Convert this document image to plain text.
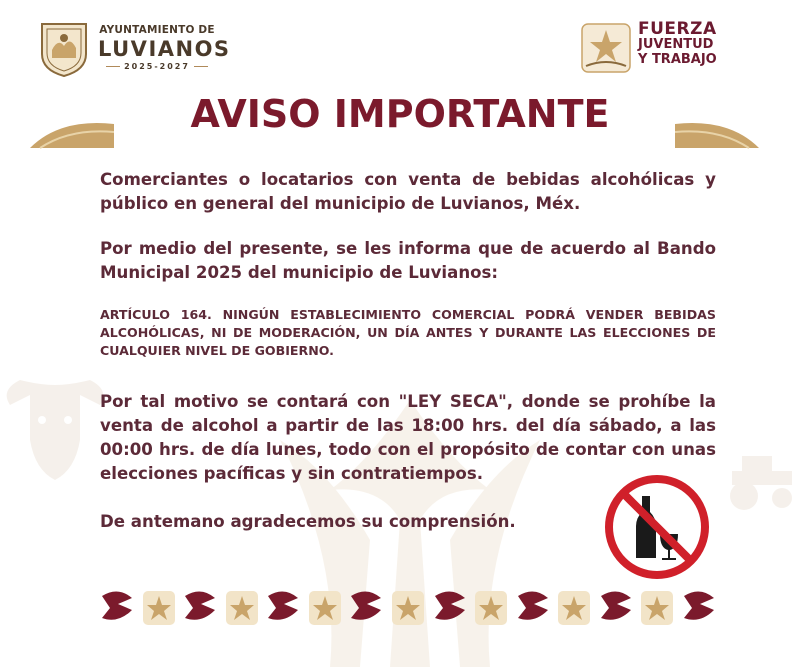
AYUNTAMIENTO DE
LUVIANOS
2025-2027
FUERZA
JUVENTUD
Y TRABAJO
AVISO IMPORTANTE

Comerciantes o locatarios con venta de bebidas alcohólicas y público en general del municipio de Luvianos, Méx.

Por medio del presente, se les informa que de acuerdo al Bando Municipal 2025 del municipio de Luvianos:

ARTÍCULO 164. NINGÚN ESTABLECIMIENTO COMERCIAL PODRÁ VENDER BEBIDAS ALCOHÓLICAS, NI DE MODERACIÓN, UN DÍA ANTES Y DURANTE LAS ELECCIONES DE CUALQUIER NIVEL DE GOBIERNO.

Por tal motivo se contará con "LEY SECA", donde se prohíbe la venta de alcohol a partir de las 18:00 hrs. del día sábado, a las 00:00 hrs. de día lunes, todo con el propósito de contar con unas elecciones pacíficas y sin contratiempos.

De antemano agradecemos su comprensión.
